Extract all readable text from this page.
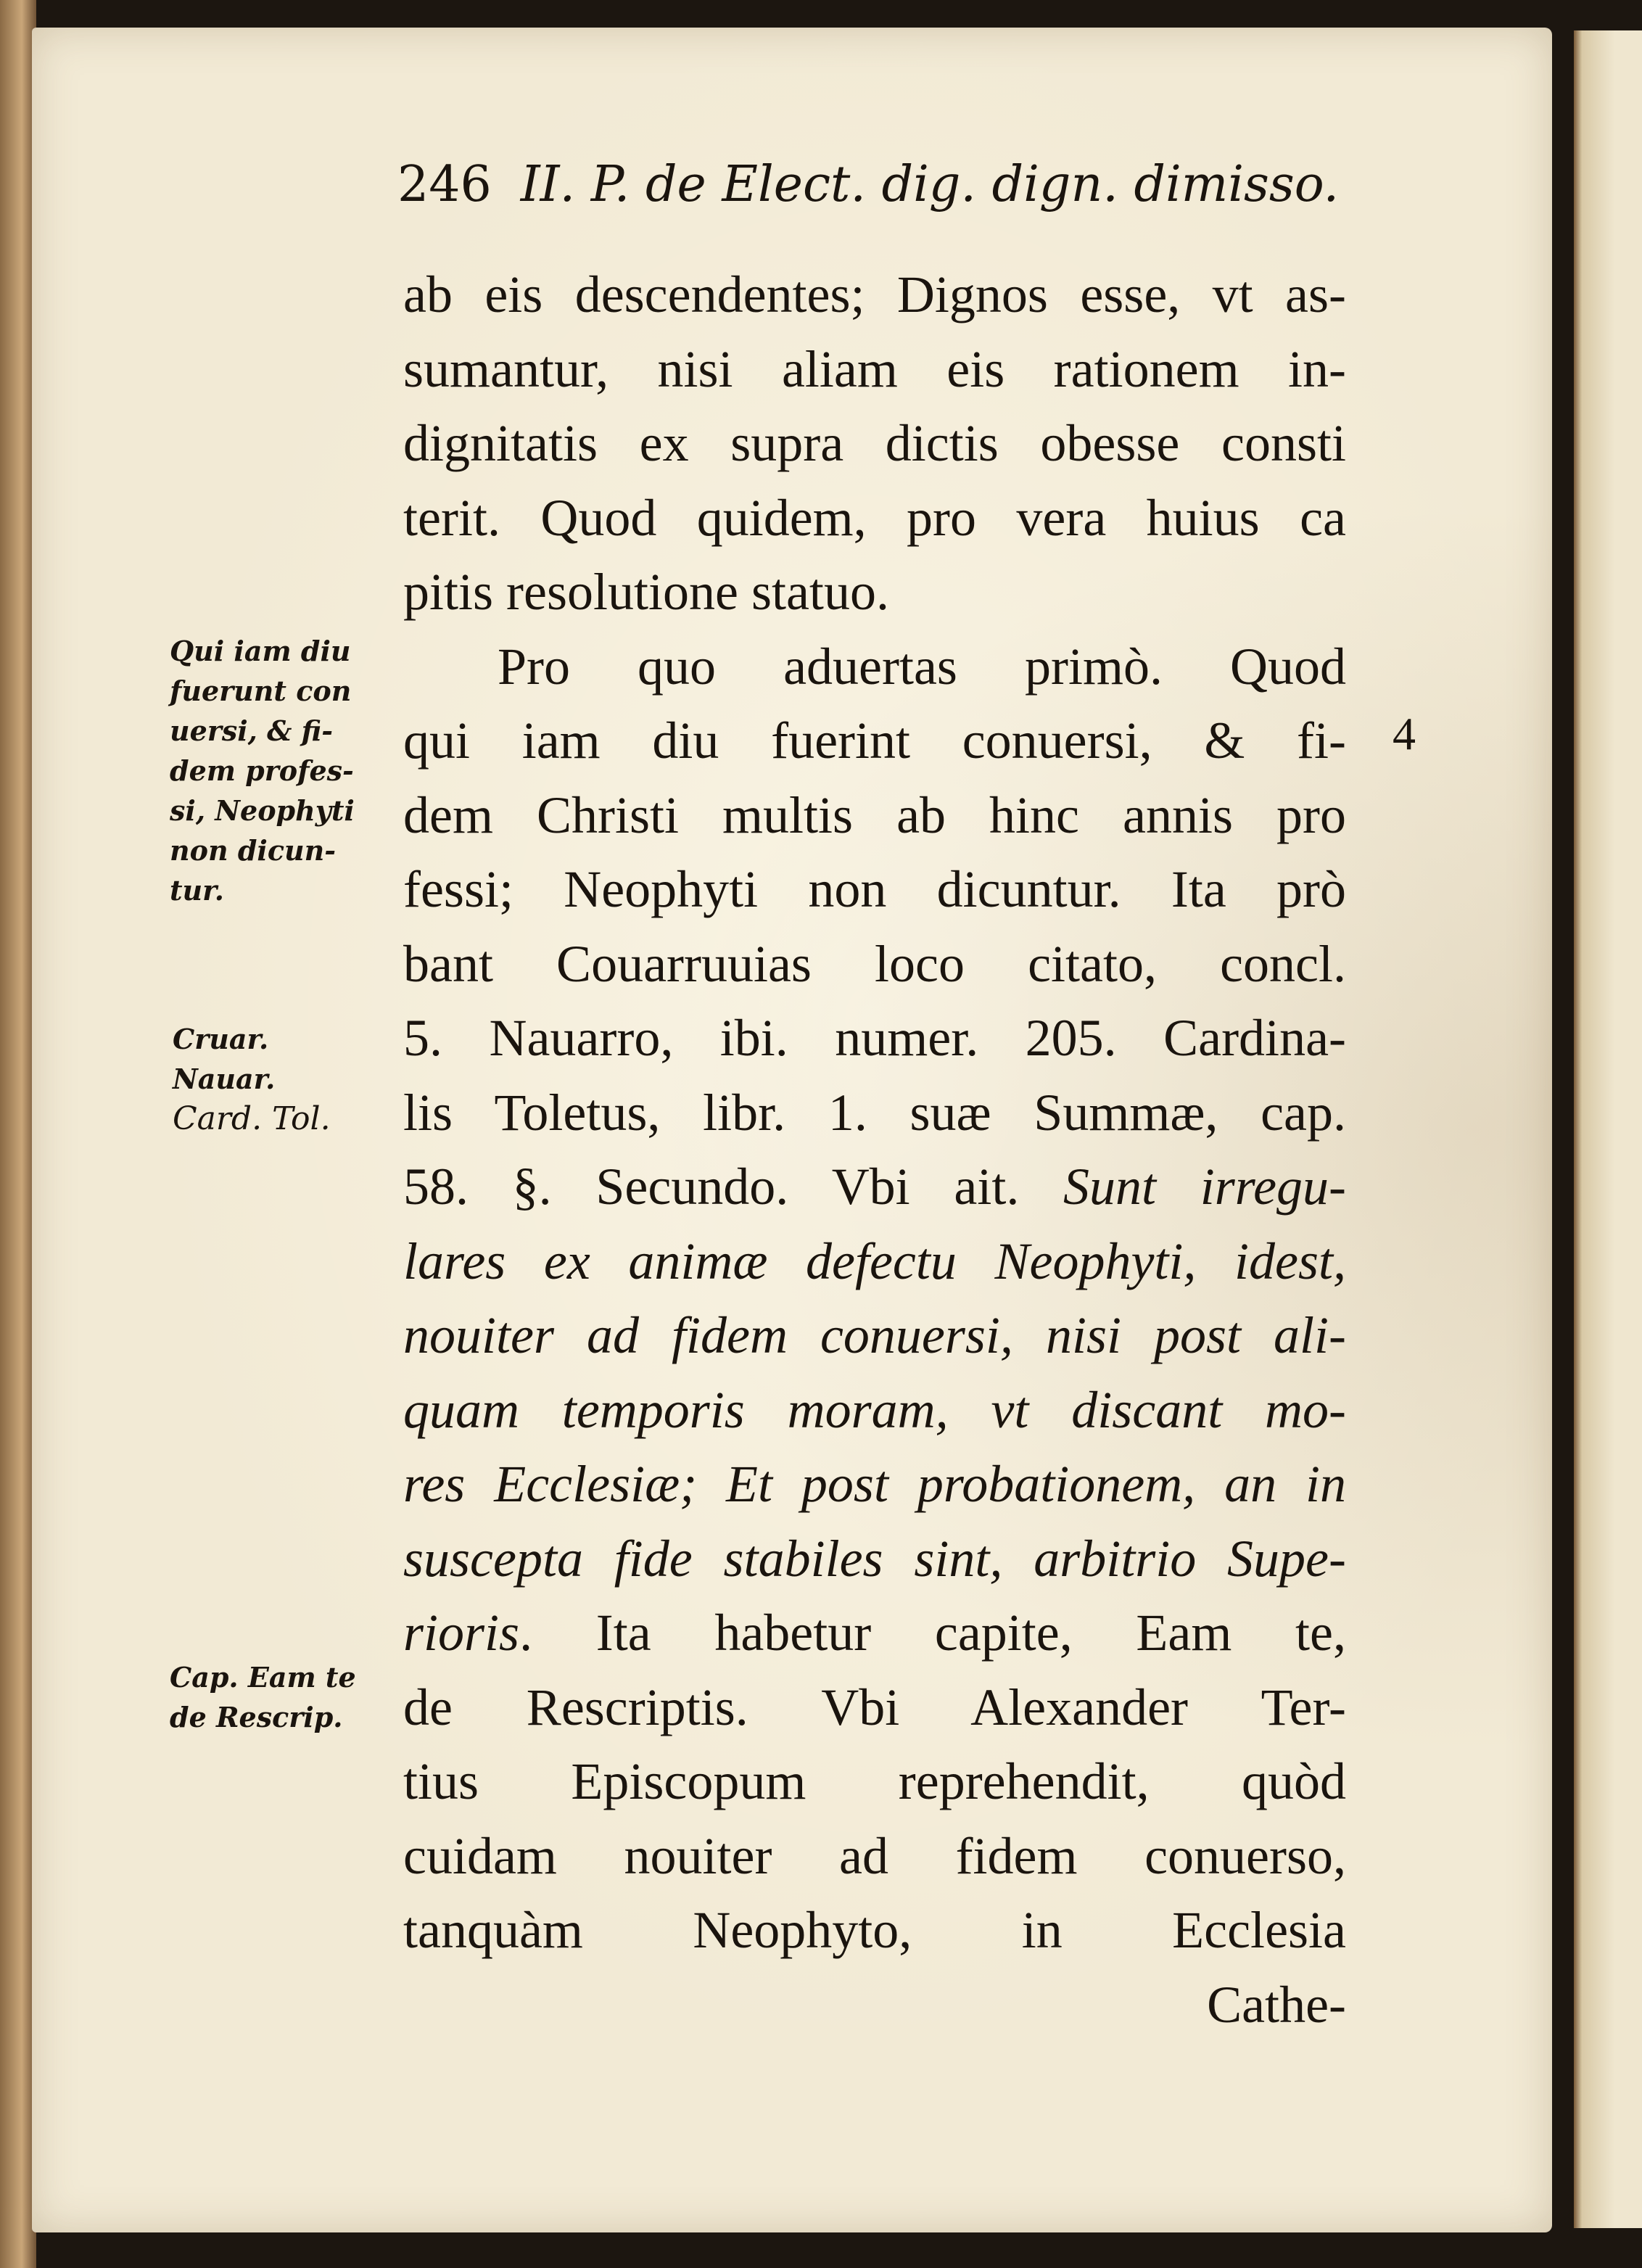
246 II. P. de Elect. dig. dign. dimisso.
ab eis descendentes; Dignos esse, vt as-
sumantur, nisi aliam eis rationem in-
dignitatis ex supra dictis obesse consti
terit. Quod quidem, pro vera huius ca
pitis resolutione statuo.
Pro quo aduertas primò. Quod
qui iam diu fuerint conuersi, & fi-
dem Christi multis ab hinc annis pro
fessi; Neophyti non dicuntur. Ita prò
bant Couarruuias loco citato, concl.
5. Nauarro, ibi. numer. 205. Cardina-
lis Toletus, libr. 1. suæ Summæ, cap.
58. §. Secundo. Vbi ait. Sunt irregu-
lares ex animæ defectu Neophyti, idest,
nouiter ad fidem conuersi, nisi post ali-
quam temporis moram, vt discant mo-
res Ecclesiæ; Et post probationem, an in
suscepta fide stabiles sint, arbitrio Supe-
rioris. Ita habetur capite, Eam te,
de Rescriptis. Vbi Alexander Ter-
tius Episcopum reprehendit, quòd
cuidam nouiter ad fidem conuerso,
tanquàm Neophyto, in Ecclesia
Cathe-
Qui iam diu
fuerunt con
uersi, & fi-
dem profes-
si, Neophyti
non dicun-
tur.
Cruar.
Nauar.
Card. Tol.
Cap. Eam te
de Rescrip.
4
